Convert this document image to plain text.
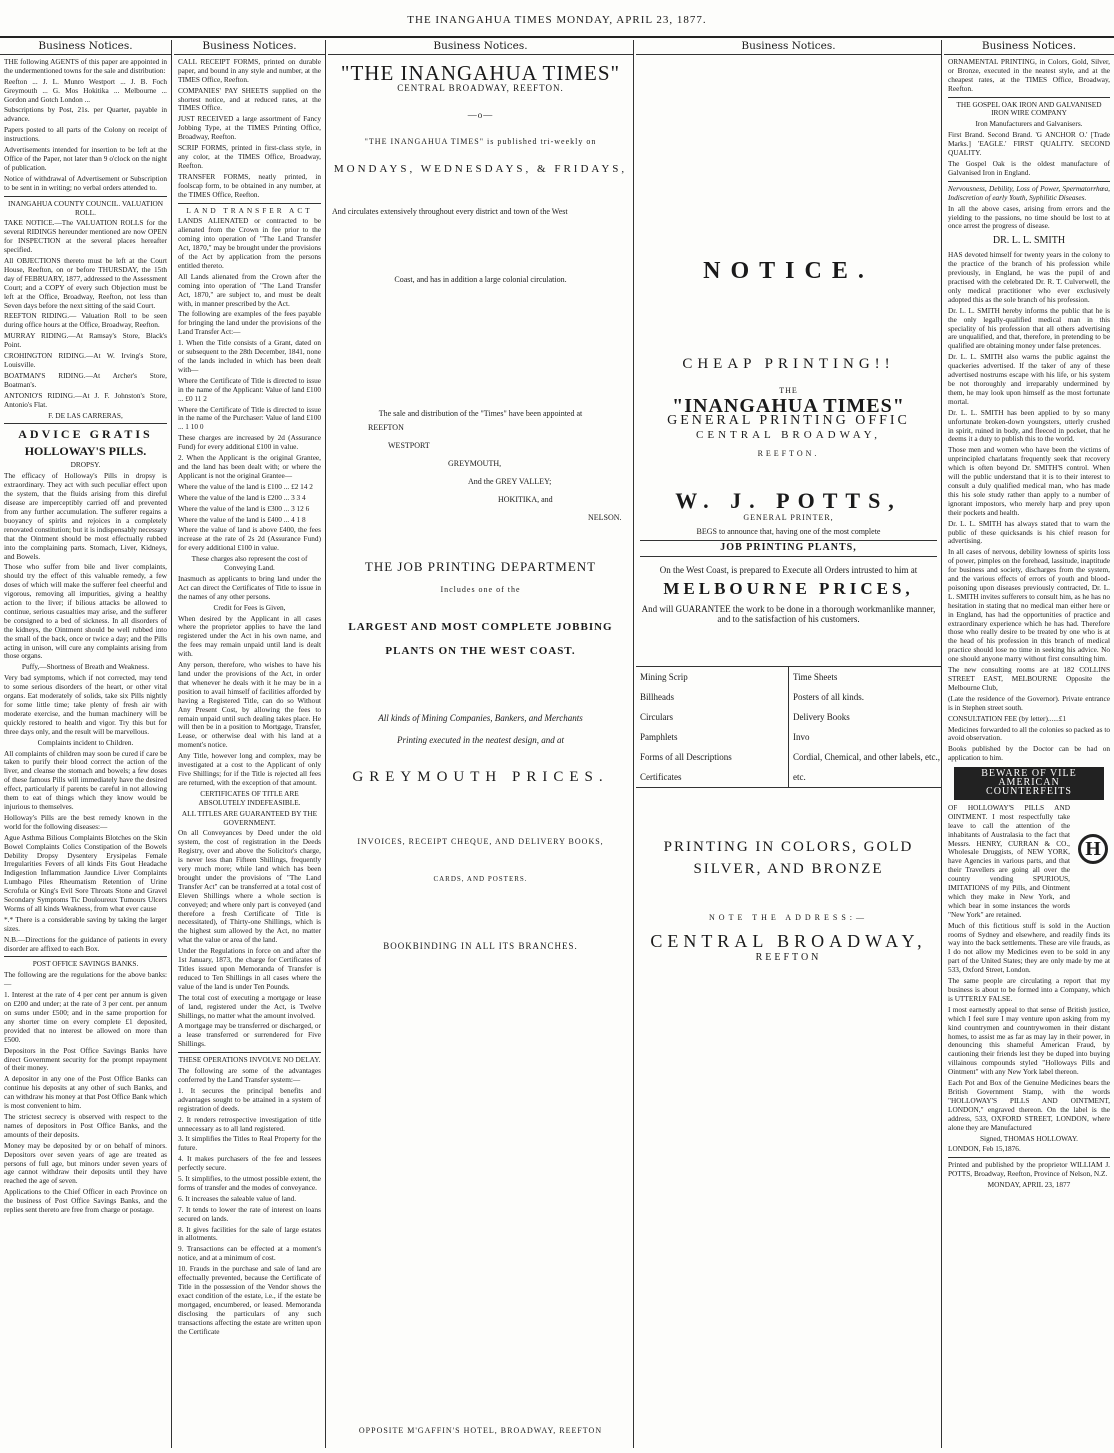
THE INANGAHUA TIMES MONDAY, APRIL 23, 1877.
Business Notices.
THE following AGENTS of this paper are appointed in the undermentioned towns for the sale and distribution:
Reefton ... J. L. Munro Westport ... J. B. Foch Greymouth ... G. Mos Hokitika ... Melbourne ... Gordon and Gotch London ...
Subscriptions by Post, 21s. per Quarter, payable in advance.
Papers posted to all parts of the Colony on receipt of instructions.
Advertisements intended for insertion to be left at the Office of the Paper, not later than 9 o'clock on the night of publication.
Notice of withdrawal of Advertisement or Subscription to be sent in in writing; no verbal orders attended to.
INANGAHUA COUNTY COUNCIL. VALUATION ROLL.
TAKE NOTICE.—The VALUATION ROLLS for the several RIDINGS hereunder mentioned are now OPEN for INSPECTION at the several places hereafter specified.
All OBJECTIONS thereto must be left at the Court House, Reefton, on or before THURSDAY, the 15th day of FEBRUARY, 1877, addressed to the Assessment Court; and a COPY of every such Objection must be left at the Office, Broadway, Reefton, not less than Seven days before the next sitting of the said Court.
REEFTON RIDING.— Valuation Roll to be seen during office hours at the Office, Broadway, Reefton.
MURRAY RIDING.—At Ramsay's Store, Black's Point.
CROHINGTON RIDING.—At W. Irving's Store, Louisville.
BOATMAN'S RIDING.—At Archer's Store, Boatman's.
ANTONIO'S RIDING.—At J. F. Johnston's Store, Antonio's Flat.
F. DE LAS CARRERAS,
ADVICE GRATIS
HOLLOWAY'S PILLS.
DROPSY.
The efficacy of Holloway's Pills in dropsy is extraordinary. They act with such peculiar effect upon the system, that the fluids arising from this direful disease are imperceptibly carried off and prevented from any further accumulation. The sufferer regains a buoyancy of spirits and rejoices in a completely renovated constitution; but it is indispensably necessary that the Ointment should be most effectually rubbed into the complaining parts. Stomach, Liver, Kidneys, and Bowels.
Those who suffer from bile and liver complaints, should try the effect of this valuable remedy, a few doses of which will make the sufferer feel cheerful and vigorous, removing all impurities, giving a healthy action to the liver; if bilious attacks be allowed to continue, serious casualties may arise, and the sufferer be consigned to a bed of sickness. In all disorders of the kidneys, the Ointment should be well rubbed into the small of the back, once or twice a day; and the Pills acting in unison, will cure any complaints arising from those organs.
Puffy,—Shortness of Breath and Weakness.
Very bad symptoms, which if not corrected, may tend to some serious disorders of the heart, or other vital organs. Eat moderately of solids, take six Pills nightly for some little time; take plenty of fresh air with moderate exercise, and the human machinery will be quickly restored to health and vigor. Try this but for three days only, and the result will be marvellous.
Complaints incident to Children.
All complaints of children may soon be cured if care be taken to purify their blood correct the action of the liver, and cleanse the stomach and bowels; a few doses of these famous Pills will immediately have the desired effect, particularly if parents be careful in not allowing them to eat of things which they know would be injurious to themselves.
Holloway's Pills are the best remedy known in the world for the following diseases:—
Ague Asthma Bilious Complaints Blotches on the Skin Bowel Complaints Colics Constipation of the Bowels Debility Dropsy Dysentery Erysipelas Female Irregularities Fevers of all kinds Fits Gout Headache Indigestion Inflammation Jaundice Liver Complaints Lumbago Piles Rheumatism Retention of Urine Scrofula or King's Evil Sore Throats Stone and Gravel Secondary Symptoms Tic Douloureux Tumours Ulcers Worms of all kinds Weakness, from what ever cause
*.* There is a considerable saving by taking the larger sizes.
N.B.—Directions for the guidance of patients in every disorder are affixed to each Box.
POST OFFICE SAVINGS BANKS.
The following are the regulations for the above banks:—
1. Interest at the rate of 4 per cent per annum is given on £200 and under; at the rate of 3 per cent. per annum on sums under £500; and in the same proportion for any shorter time on every complete £1 deposited, provided that no interest be allowed on more than £500.
Depositors in the Post Office Savings Banks have direct Government security for the prompt repayment of their money.
A depositor in any one of the Post Office Banks can continue his deposits at any other of such Banks, and can withdraw his money at that Post Office Bank which is most convenient to him.
The strictest secrecy is observed with respect to the names of depositors in Post Office Banks, and the amounts of their deposits.
Money may be deposited by or on behalf of minors. Depositors over seven years of age are treated as persons of full age, but minors under seven years of age cannot withdraw their deposits until they have reached the age of seven.
Applications to the Chief Officer in each Province on the business of Post Office Savings Banks, and the replies sent thereto are free from charge or postage.
Business Notices.
CALL RECEIPT FORMS, printed on durable paper, and bound in any style and number, at the TIMES Office, Reefton.
COMPANIES' PAY SHEETS supplied on the shortest notice, and at reduced rates, at the TIMES Office.
JUST RECEIVED a large assortment of Fancy Jobbing Type, at the TIMES Printing Office, Broadway, Reefton.
SCRIP FORMS, printed in first-class style, in any color, at the TIMES Office, Broadway, Reefton.
TRANSFER FORMS, neatly printed, in foolscap form, to be obtained in any number, at the TIMES Office, Reefton.
LAND TRANSFER ACT
LANDS ALIENATED or contracted to be alienated from the Crown in fee prior to the coming into operation of "The Land Transfer Act, 1870," may be brought under the provisions of the Act by application from the persons entitled thereto.
All Lands alienated from the Crown after the coming into operation of "The Land Transfer Act, 1870," are subject to, and must be dealt with, in manner prescribed by the Act.
The following are examples of the fees payable for bringing the land under the provisions of the Land Transfer Act:—
1. When the Title consists of a Grant, dated on or subsequent to the 28th December, 1841, none of the lands included in which has been dealt with—
Where the Certificate of Title is directed to issue in the name of the Applicant: Value of land £100 ... £0 11 2
Where the Certificate of Title is directed to issue in the name of the Purchaser: Value of land £100 ... 1 10 0
These charges are increased by 2d (Assurance Fund) for every additional £100 in value.
2. When the Applicant is the original Grantee, and the land has been dealt with; or where the Applicant is not the original Grantee—
Where the value of the land is £100 ... £2 14 2
Where the value of the land is £200 ... 3 3 4
Where the value of the land is £300 ... 3 12 6
Where the value of the land is £400 ... 4 1 8
Where the value of land is above £400, the fees increase at the rate of 2s 2d (Assurance Fund) for every additional £100 in value.
These charges also represent the cost of Conveying Land.
Inasmuch as applicants to bring land under the Act can direct the Certificates of Title to issue in the names of any other persons.
Credit for Fees is Given,
When desired by the Applicant in all cases where the proprietor applies to have the land registered under the Act in his own name, and the fees may remain unpaid until land is dealt with.
Any person, therefore, who wishes to have his land under the provisions of the Act, in order that whenever he deals with it he may be in a position to avail himself of facilities afforded by having a Registered Title, can do so Without Any Present Cost, by allowing the fees to remain unpaid until such dealing takes place. He will then be in a position to Mortgage, Transfer, Lease, or otherwise deal with his land at a moment's notice.
Any Title, however long and complex, may be investigated at a cost to the Applicant of only Five Shillings; for if the Title is rejected all fees are returned, with the exception of that amount.
CERTIFICATES OF TITLE ARE ABSOLUTELY INDEFEASIBLE.
ALL TITLES ARE GUARANTEED BY THE GOVERNMENT.
On all Conveyances by Deed under the old system, the cost of registration in the Deeds Registry, over and above the Solicitor's charge, is never less than Fifteen Shillings, frequently very much more; while land which has been brought under the provisions of "The Land Transfer Act" can be transferred at a total cost of Eleven Shillings where a whole section is conveyed; and where only part is conveyed (and therefore a fresh Certificate of Title is necessitated), of Thirty-one Shillings, which is the highest sum allowed by the Act, no matter what the value or area of the land.
Under the Regulations in force on and after the 1st January, 1873, the charge for Certificates of Titles issued upon Memoranda of Transfer is reduced to Ten Shillings in all cases where the value of the land is under Ten Pounds.
The total cost of executing a mortgage or lease of land, registered under the Act, is Twelve Shillings, no matter what the amount involved.
A mortgage may be transferred or discharged, or a lease transferred or surrendered for Five Shillings.
THESE OPERATIONS INVOLVE NO DELAY.
The following are some of the advantages conferred by the Land Transfer system:—
1. It secures the principal benefits and advantages sought to be attained in a system of registration of deeds.
2. It renders retrospective investigation of title unnecessary as to all land registered.
3. It simplifies the Titles to Real Property for the future.
4. It makes purchasers of the fee and lessees perfectly secure.
5. It simplifies, to the utmost possible extent, the forms of transfer and the modes of conveyance.
6. It increases the saleable value of land.
7. It tends to lower the rate of interest on loans secured on lands.
8. It gives facilities for the sale of large estates in allotments.
9. Transactions can be effected at a moment's notice, and at a minimum of cost.
10. Frauds in the purchase and sale of land are effectually prevented, because the Certificate of Title in the possession of the Vendor shows the exact condition of the estate, i.e., if the estate be mortgaged, encumbered, or leased. Memoranda disclosing the particulars of any such transactions affecting the estate are written upon the Certificate
Business Notices.
"THE INANGAHUA TIMES"
CENTRAL BROADWAY, REEFTON.
—o—
"THE INANGAHUA TIMES" is published tri-weekly on
MONDAYS, WEDNESDAYS, & FRIDAYS,
And circulates extensively throughout every district and town of the West
Coast, and has in addition a large colonial circulation.
The sale and distribution of the "Times" have been appointed at
REEFTON
WESTPORT
GREYMOUTH,
And the GREY VALLEY;
HOKITIKA, and
NELSON.
THE JOB PRINTING DEPARTMENT
Includes one of the
LARGEST AND MOST COMPLETE JOBBING PLANTS ON THE WEST COAST.
All kinds of Mining Companies, Bankers, and Merchants
Printing executed in the neatest design, and at
GREYMOUTH PRICES.
INVOICES, RECEIPT CHEQUE, AND DELIVERY BOOKS,
CARDS, AND POSTERS.
BOOKBINDING IN ALL ITS BRANCHES.
OPPOSITE M'GAFFIN'S HOTEL, BROADWAY, REEFTON
Business Notices.
NOTICE.
CHEAP PRINTING!!
THE
"INANGAHUA TIMES"
GENERAL PRINTING OFFIC
CENTRAL BROADWAY,
REEFTON.
W. J. POTTS,
GENERAL PRINTER,
BEGS to announce that, having one of the most complete
JOB PRINTING PLANTS,
On the West Coast, is prepared to Execute all Orders intrusted to him at
MELBOURNE PRICES,
And will GUARANTEE the work to be done in a thorough workmanlike manner, and to the satisfaction of his customers.
Mining Scrip
Billheads
Circulars
Pamphlets
Forms of all Descriptions
Certificates
Time Sheets
Posters of all kinds.
Delivery Books
Invo
Cordial, Chemical, and other labels, etc., etc.
PRINTING IN COLORS, GOLD SILVER, AND BRONZE
NOTE THE ADDRESS:—
CENTRAL BROADWAY,
REEFTON
Business Notices.
ORNAMENTAL PRINTING, in Colors, Gold, Silver, or Bronze, executed in the neatest style, and at the cheapest rates, at the TIMES Office, Broadway, Reefton.
THE GOSPEL OAK IRON AND GALVANISED IRON WIRE COMPANY
Iron Manufacturers and Galvanisers.
First Brand. Second Brand. 'G ANCHOR O.' [Trade Marks.] 'EAGLE.' FIRST QUALITY. SECOND QUALITY.
The Gospel Oak is the oldest manufacture of Galvanised Iron in England.
Nervousness, Debility, Loss of Power, Spermatorrhœa, Indiscretion of early Youth, Syphilitic Diseases.
In all the above cases, arising from errors and the yielding to the passions, no time should be lost to at once arrest the progress of disease.
DR. L. L. SMITH
HAS devoted himself for twenty years in the colony to the practice of the branch of his profession while previously, in England, he was the pupil of and practised with the celebrated Dr. R. T. Culverwell, the only medical practitioner who ever exclusively adopted this as the sole branch of his profession.
Dr. L. L. SMITH hereby informs the public that he is the only legally-qualified medical man in this speciality of his profession that all others advertising are unqualified, and that, therefore, in pretending to be qualified are obtaining money under false pretences.
Dr. L. L. SMITH also warns the public against the quackeries advertised. If the taker of any of these advertised nostrums escape with his life, or his system be not thoroughly and irreparably undermined by them, he may look upon himself as the most fortunate mortal.
Dr. L. L. SMITH has been applied to by so many unfortunate broken-down youngsters, utterly crushed in spirit, ruined in body, and fleeced in pocket, that he deems it a duty to publish this to the world.
Those men and women who have been the victims of unprincipled charlatans frequently seek that recovery which is often beyond Dr. SMITH'S control. When will the public understand that it is to their interest to consult a duly qualified medical man, who has made this his sole study rather than apply to a number of ignorant impostors, who merely harp and prey upon their pockets and health.
Dr. L. L. SMITH has always stated that to warn the public of these quicksands is his chief reason for advertising.
In all cases of nervous, debility lowness of spirits loss of power, pimples on the forehead, lassitude, inaptitude for business and society, discharges from the system, and the various effects of errors of youth and blood-poisoning upon diseases previously contracted, Dr. L. L. SMITH invites sufferers to consult him, as he has no hesitation in stating that no medical man either here or in England, has had the opportunities of practice and extraordinary experience which he has had. Therefore those who really desire to be treated by one who is at the head of his profession in this branch of medical practice should lose no time in seeking his advice. No one should anyone marry without first consulting him.
The new consulting rooms are at 182 COLLINS STREET EAST, MELBOURNE Opposite the Melbourne Club,
(Late the residence of the Governor). Private entrance is in Stephen street south.
CONSULTATION FEE (by letter)......£1
Medicines forwarded to all the colonies so packed as to avoid observation.
Books published by the Doctor can be had on application to him.
BEWARE OF VILE AMERICAN COUNTERFEITS
OF HOLLOWAY'S PILLS AND OINTMENT. I most respectfully take leave to call the attention of the inhabitants of Australasia to the fact that Messrs. HENRY, CURRAN & CO., Wholesale Druggists, of NEW YORK, have Agencies in various parts, and that their Travellers are going all over the country vending SPURIOUS, IMITATIONS of my Pills, and Ointment which they make in New York, and which bear in some instances the words "New York" are retained.
H
Much of this fictitious stuff is sold in the Auction rooms of Sydney and elsewhere, and readily finds its way into the back settlements. These are vile frauds, as I do not allow my Medicines even to be sold in any part of the United States; they are only made by me at 533, Oxford Street, London.
The same people are circulating a report that my business is about to be formed into a Company, which is UTTERLY FALSE.
I most earnestly appeal to that sense of British justice, which I feel sure I may venture upon asking from my kind countrymen and countrywomen in their distant homes, to assist me as far as may lay in their power, in denouncing this shameful American Fraud, by cautioning their friends lest they be duped into buying villainous compounds styled "Holloways Pills and Ointment" with any New York label thereon.
Each Pot and Box of the Genuine Medicines bears the British Government Stamp, with the words "HOLLOWAY'S PILLS AND OINTMENT, LONDON," engraved thereon. On the label is the address, 533, OXFORD STREET, LONDON, where alone they are Manufactured
Signed, THOMAS HOLLOWAY.
LONDON, Feb 15,1876.
Printed and published by the proprietor WILLIAM J. POTTS, Broadway, Reefton, Province of Nelson, N.Z.
MONDAY, APRIL 23, 1877
